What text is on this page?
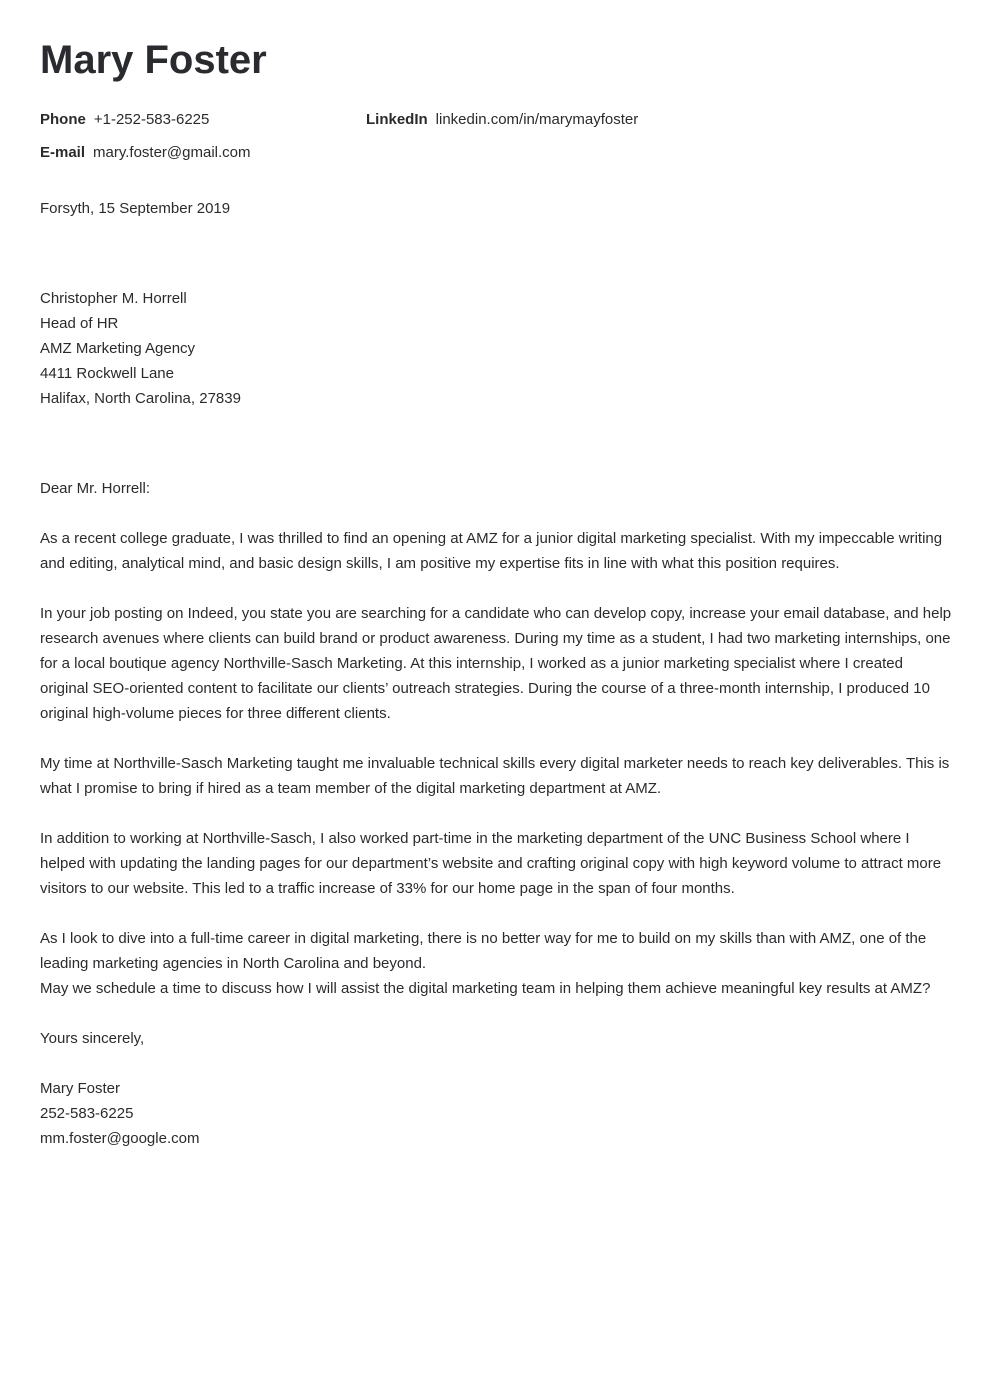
Mary Foster
Phone +1-252-583-6225	LinkedIn linkedin.com/in/marymayfoster
E-mail mary.foster@gmail.com
Forsyth, 15 September 2019
Christopher M. Horrell
Head of HR
AMZ Marketing Agency
4411 Rockwell Lane
Halifax, North Carolina, 27839
Dear Mr. Horrell:

As a recent college graduate, I was thrilled to find an opening at AMZ for a junior digital marketing specialist. With my impeccable writing and editing, analytical mind, and basic design skills, I am positive my expertise fits in line with what this position requires.

In your job posting on Indeed, you state you are searching for a candidate who can develop copy, increase your email database, and help research avenues where clients can build brand or product awareness. During my time as a student, I had two marketing internships, one for a local boutique agency Northville-Sasch Marketing. At this internship, I worked as a junior marketing specialist where I created original SEO-oriented content to facilitate our clients’ outreach strategies. During the course of a three-month internship, I produced 10 original high-volume pieces for three different clients.

My time at Northville-Sasch Marketing taught me invaluable technical skills every digital marketer needs to reach key deliverables. This is what I promise to bring if hired as a team member of the digital marketing department at AMZ.

In addition to working at Northville-Sasch, I also worked part-time in the marketing department of the UNC Business School where I helped with updating the landing pages for our department’s website and crafting original copy with high keyword volume to attract more visitors to our website. This led to a traffic increase of 33% for our home page in the span of four months.

As I look to dive into a full-time career in digital marketing, there is no better way for me to build on my skills than with AMZ, one of the leading marketing agencies in North Carolina and beyond.

May we schedule a time to discuss how I will assist the digital marketing team in helping them achieve meaningful key results at AMZ?

Yours sincerely,
Mary Foster
252-583-6225
mm.foster@google.com
